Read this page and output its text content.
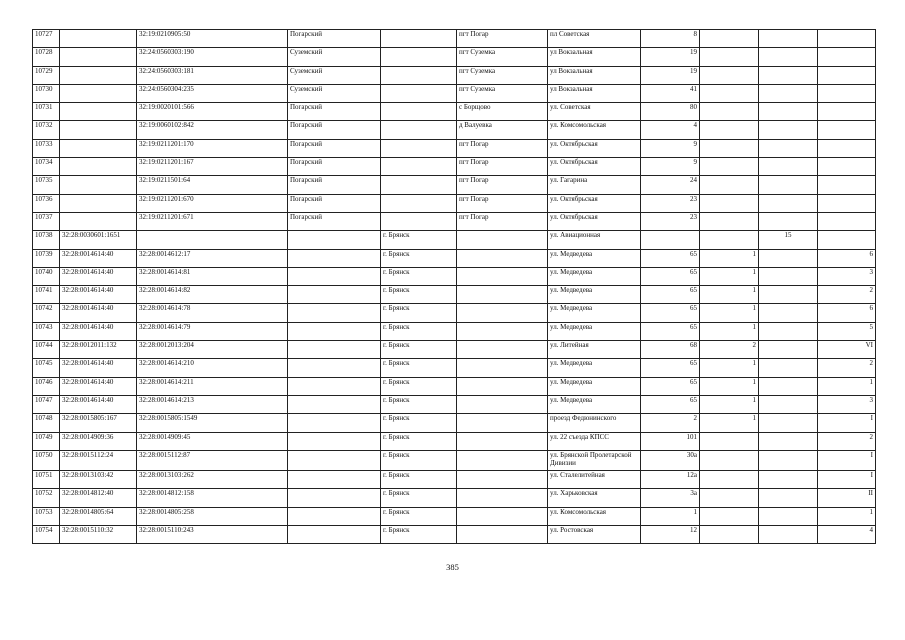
10727		32:19:0210905:50	Погарский		пгт Погар	пл Советская	8			
10728		32:24:0560303:190	Суземский		пгт Суземка	ул Вокзальная	19			
10729		32:24:0560303:181	Суземский		пгт Суземка	ул Вокзальная	19			
10730		32:24:0560304:235	Суземский		пгт Суземка	ул Вокзальная	41			
10731		32:19:0020101:566	Погарский		с Борщово	ул. Советская	80			
10732		32:19:0060102:842	Погарский		д Валуевка	ул. Комсомольская	4			
10733		32:19:0211201:170	Погарский		пгт Погар	ул. Октябрьская	9			
10734		32:19:0211201:167	Погарский		пгт Погар	ул. Октябрьская	9			
10735		32:19:0211501:64	Погарский		пгт Погар	ул. Гагарина	24			
10736		32:19:0211201:670	Погарский		пгт Погар	ул. Октябрьская	23			
10737		32:19:0211201:671	Погарский		пгт Погар	ул. Октябрьская	23			
10738	32:28:0030601:1651			г. Брянск		ул. Авиационная			15	
10739	32:28:0014614:40	32:28:0014612:17		г. Брянск		ул. Медведева	65	1		6
10740	32:28:0014614:40	32:28:0014614:81		г. Брянск		ул. Медведева	65	1		3
10741	32:28:0014614:40	32:28:0014614:82		г. Брянск		ул. Медведева	65	1		2
10742	32:28:0014614:40	32:28:0014614:78		г. Брянск		ул. Медведева	65	1		6
10743	32:28:0014614:40	32:28:0014614:79		г. Брянск		ул. Медведева	65	1		5
10744	32:28:0012011:132	32:28:0012013:204		г. Брянск		ул. Литейная	68	2		VI
10745	32:28:0014614:40	32:28:0014614:210		г. Брянск		ул. Медведева	65	1		2
10746	32:28:0014614:40	32:28:0014614:211		г. Брянск		ул. Медведева	65	1		1
10747	32:28:0014614:40	32:28:0014614:213		г. Брянск		ул. Медведева	65	1		3
10748	32:28:0015805:167	32:28:0015805:1549		г. Брянск		проезд Федюнинского	2	1		I
10749	32:28:0014909:36	32:28:0014909:45		г. Брянск		ул. 22 съезда КПСС	101			2
10750	32:28:0015112:24	32:28:0015112:87		г. Брянск		ул. Брянской Пролетарской Дивизии	30а			I
10751	32:28:0013103:42	32:28:0013103:262		г. Брянск		ул. Сталелитейная	12а			I
10752	32:28:0014812:40	32:28:0014812:158		г. Брянск		ул. Харьковская	3а			II
10753	32:28:0014805:64	32:28:0014805:258		г. Брянск		ул. Комсомольская	1			1
10754	32:28:0015110:32	32:28:0015110:243		г. Брянск		ул. Ростовская	12			4
385
